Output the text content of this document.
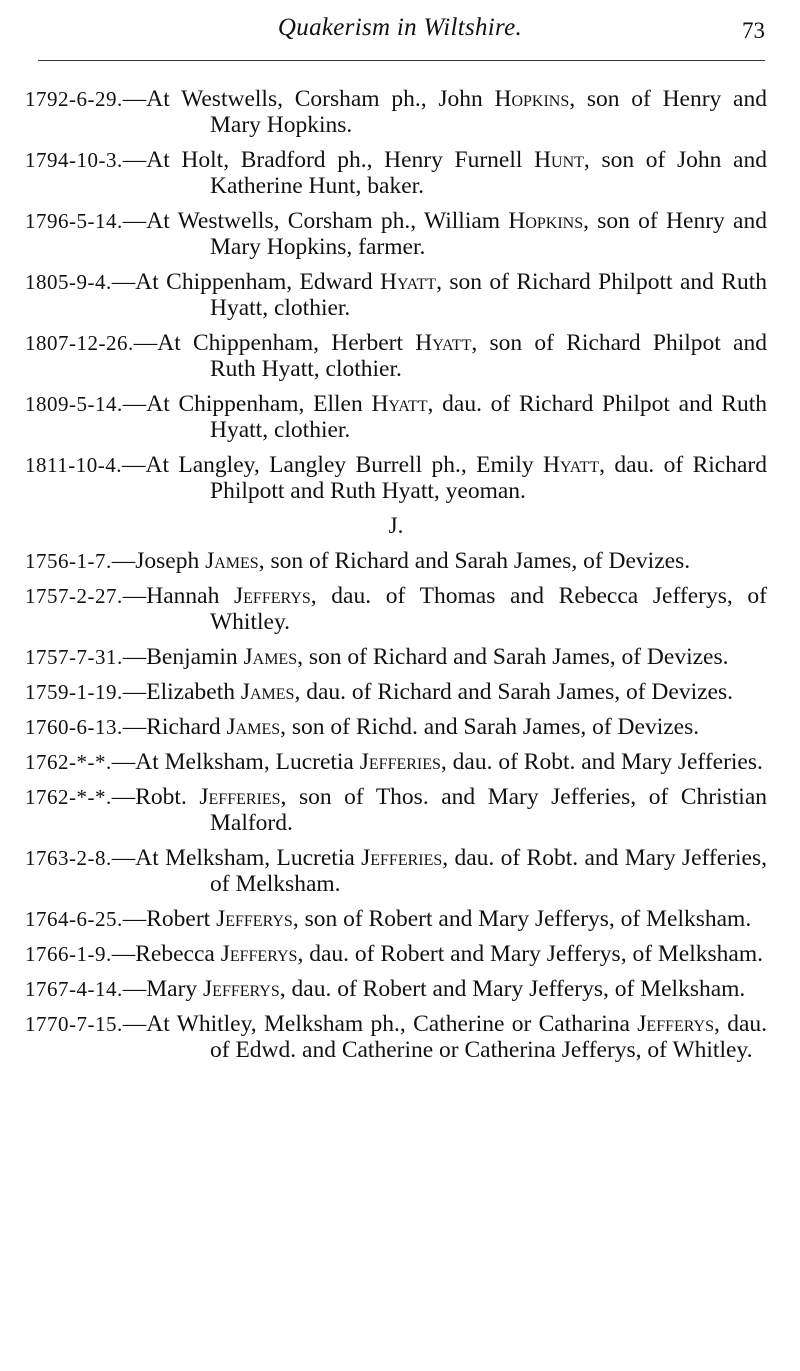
Quakerism in Wiltshire.	73
1792-6-29.—At Westwells, Corsham ph., John Hopkins, son of Henry and Mary Hopkins.
1794-10-3.—At Holt, Bradford ph., Henry Furnell Hunt, son of John and Katherine Hunt, baker.
1796-5-14.—At Westwells, Corsham ph., William Hopkins, son of Henry and Mary Hopkins, farmer.
1805-9-4.—At Chippenham, Edward Hyatt, son of Richard Philpott and Ruth Hyatt, clothier.
1807-12-26.—At Chippenham, Herbert Hyatt, son of Richard Philpot and Ruth Hyatt, clothier.
1809-5-14.—At Chippenham, Ellen Hyatt, dau. of Richard Philpot and Ruth Hyatt, clothier.
1811-10-4.—At Langley, Langley Burrell ph., Emily Hyatt, dau. of Richard Philpott and Ruth Hyatt, yeoman.
J.
1756-1-7.—Joseph James, son of Richard and Sarah James, of Devizes.
1757-2-27.—Hannah Jefferys, dau. of Thomas and Rebecca Jefferys, of Whitley.
1757-7-31.—Benjamin James, son of Richard and Sarah James, of Devizes.
1759-1-19.—Elizabeth James, dau. of Richard and Sarah James, of Devizes.
1760-6-13.—Richard James, son of Richd. and Sarah James, of Devizes.
1762-*-*.—At Melksham, Lucretia Jefferies, dau. of Robt. and Mary Jefferies.
1762-*-*.—Robt. Jefferies, son of Thos. and Mary Jefferies, of Christian Malford.
1763-2-8.—At Melksham, Lucretia Jefferies, dau. of Robt. and Mary Jefferies, of Melksham.
1764-6-25.—Robert Jefferys, son of Robert and Mary Jefferys, of Melksham.
1766-1-9.—Rebecca Jefferys, dau. of Robert and Mary Jefferys, of Melksham.
1767-4-14.—Mary Jefferys, dau. of Robert and Mary Jefferys, of Melksham.
1770-7-15.—At Whitley, Melksham ph., Catherine or Catharina Jefferys, dau. of Edwd. and Catherine or Catherina Jefferys, of Whitley.
